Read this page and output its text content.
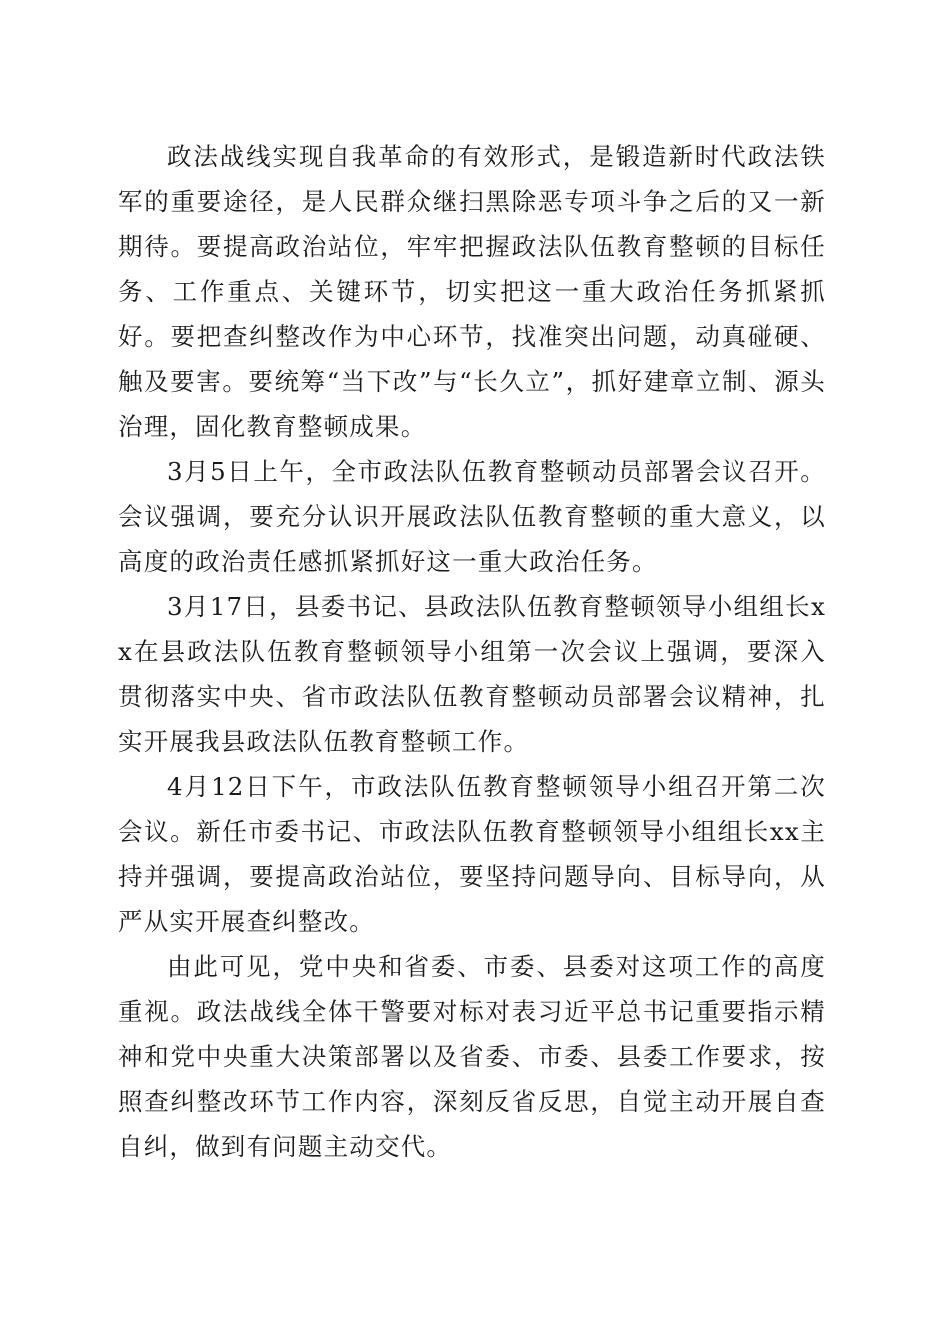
政法战线实现自我革命的有效形式，是锻造新时代政法铁军的重要途径，是人民群众继扫黑除恶专项斗争之后的又一新期待。要提高政治站位，牢牢把握政法队伍教育整顿的目标任务、工作重点、关键环节，切实把这一重大政治任务抓紧抓好。要把查纠整改作为中心环节，找准突出问题，动真碰硬、触及要害。要统筹“当下改”与“长久立”，抓好建章立制、源头治理，固化教育整顿成果。

3月5日上午，全市政法队伍教育整顿动员部署会议召开。会议强调，要充分认识开展政法队伍教育整顿的重大意义，以高度的政治责任感抓紧抓好这一重大政治任务。

3月17日，县委书记、县政法队伍教育整顿领导小组组长xx在县政法队伍教育整顿领导小组第一次会议上强调，要深入贯彻落实中央、省市政法队伍教育整顿动员部署会议精神，扎实开展我县政法队伍教育整顿工作。

4月12日下午，市政法队伍教育整顿领导小组召开第二次会议。新任市委书记、市政法队伍教育整顿领导小组组长xx主持并强调，要提高政治站位，要坚持问题导向、目标导向，从严从实开展查纠整改。

由此可见，党中央和省委、市委、县委对这项工作的高度重视。政法战线全体干警要对标对表习近平总书记重要指示精神和党中央重大决策部署以及省委、市委、县委工作要求，按照查纠整改环节工作内容，深刻反省反思，自觉主动开展自查自纠，做到有问题主动交代。
